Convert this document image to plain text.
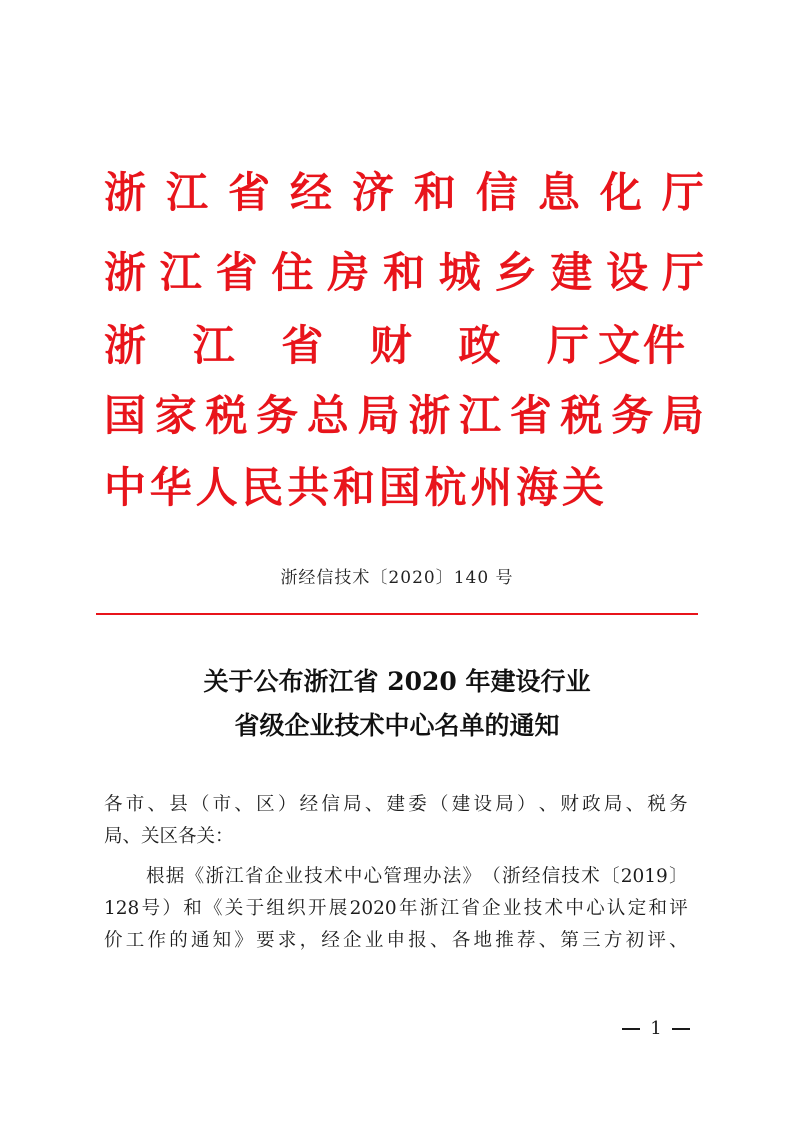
浙 江 省 经 济 和 信 息 化 厅
浙 江 省 住 房 和 城 乡 建 设 厅
浙 江 省 财 政 厅 文件
国 家 税 务 总 局 浙 江 省 税 务 局
中 华 人 民 共 和 国 杭 州 海 关
浙经信技术〔2020〕140 号
关于公布浙江省 2020 年建设行业
省级企业技术中心名单的通知
各 市 、 县 （ 市 、 区 ） 经 信 局 、 建 委 （ 建 设 局 ） 、 财 政 局 、 税 务
局、关区各关：
根 据 《 浙 江 省 企 业 技 术 中 心 管 理 办 法 》 （ 浙 经 信 技 术 〔 2019 〕
128 号 ） 和 《 关 于 组 织 开 展 2020 年 浙 江 省 企 业 技 术 中 心 认 定 和 评
价 工 作 的 通 知 》 要 求 ， 经 企 业 申 报 、 各 地 推 荐 、 第 三 方 初 评 、
1
